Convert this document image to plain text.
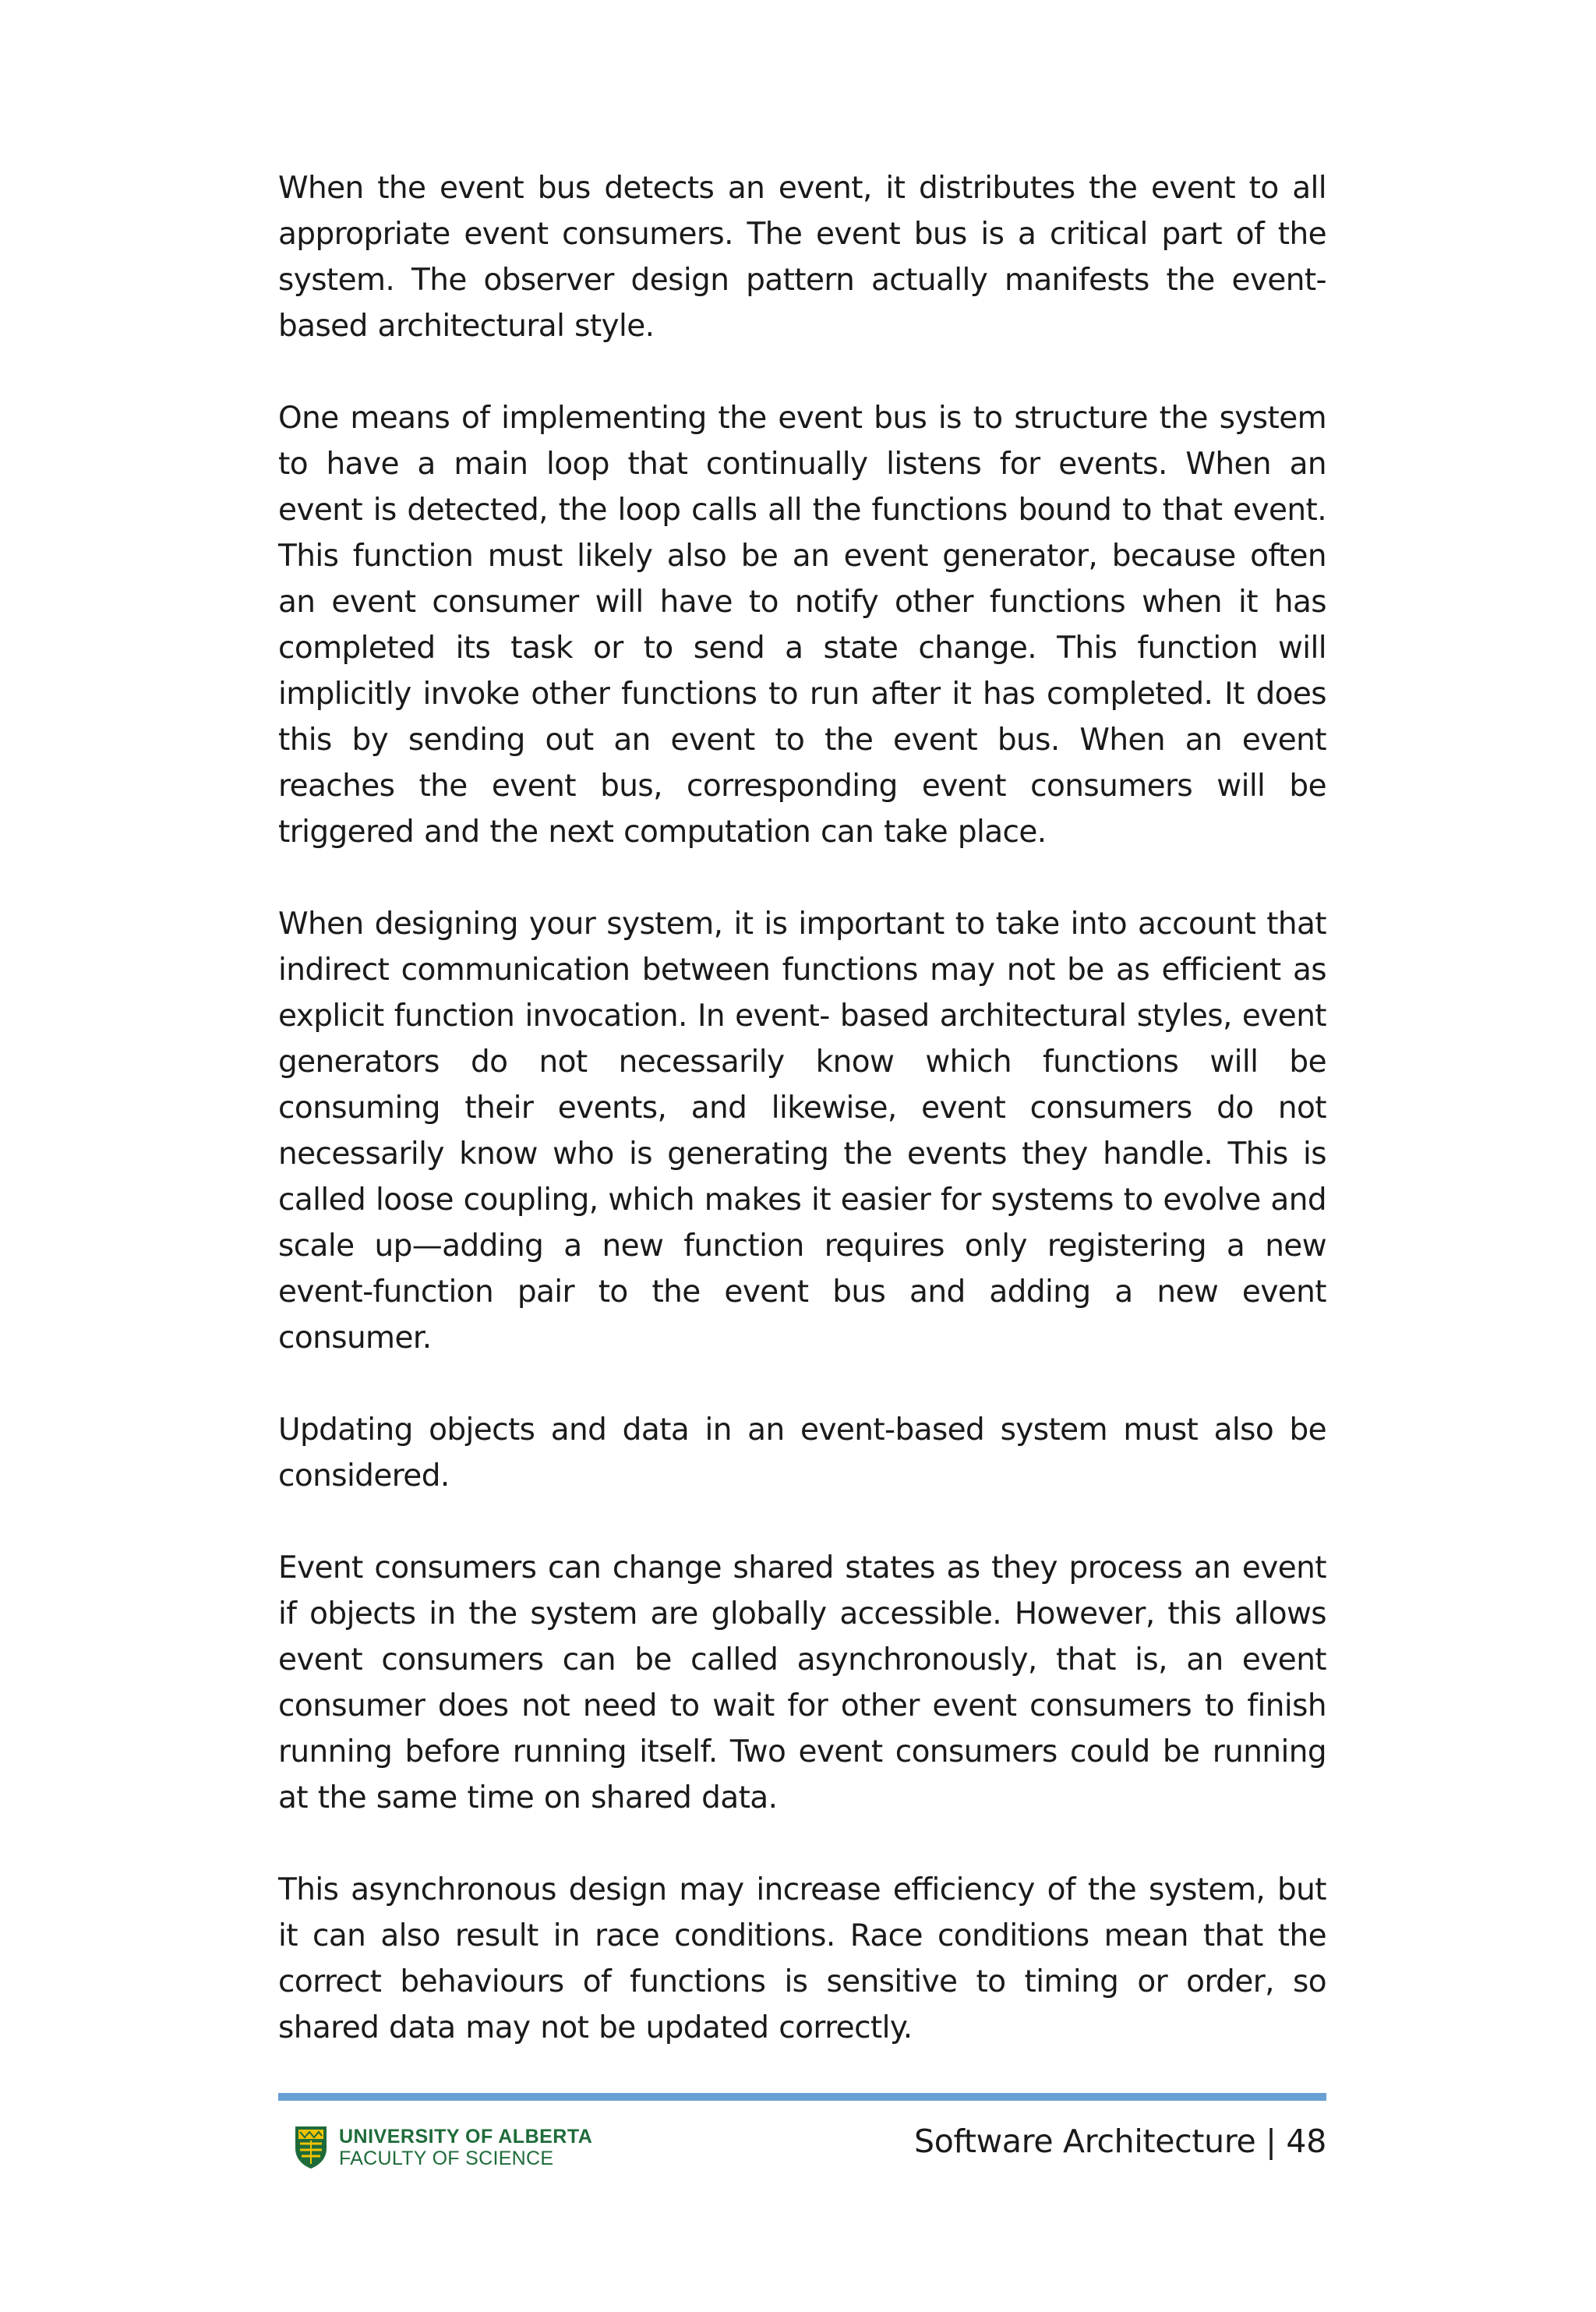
When the event bus detects an event, it distributes the event to all appropriate event consumers. The event bus is a critical part of the system. The observer design pattern actually manifests the event-based architectural style.

One means of implementing the event bus is to structure the system to have a main loop that continually listens for events. When an event is detected, the loop calls all the functions bound to that event. This function must likely also be an event generator, because often an event consumer will have to notify other functions when it has completed its task or to send a state change. This function will implicitly invoke other functions to run after it has completed. It does this by sending out an event to the event bus. When an event reaches the event bus, corresponding event consumers will be triggered and the next computation can take place.

When designing your system, it is important to take into account that indirect communication between functions may not be as efficient as explicit function invocation. In event- based architectural styles, event generators do not necessarily know which functions will be consuming their events, and likewise, event consumers do not necessarily know who is generating the events they handle. This is called loose coupling, which makes it easier for systems to evolve and scale up—adding a new function requires only registering a new event-function pair to the event bus and adding a new event consumer.

Updating objects and data in an event-based system must also be considered.

Event consumers can change shared states as they process an event if objects in the system are globally accessible. However, this allows event consumers can be called asynchronously, that is, an event consumer does not need to wait for other event consumers to finish running before running itself. Two event consumers could be running at the same time on shared data.

This asynchronous design may increase efficiency of the system, but it can also result in race conditions. Race conditions mean that the correct behaviours of functions is sensitive to timing or order, so shared data may not be updated correctly.

UNIVERSITY OF ALBERTA
FACULTY OF SCIENCE	Software Architecture | 48
